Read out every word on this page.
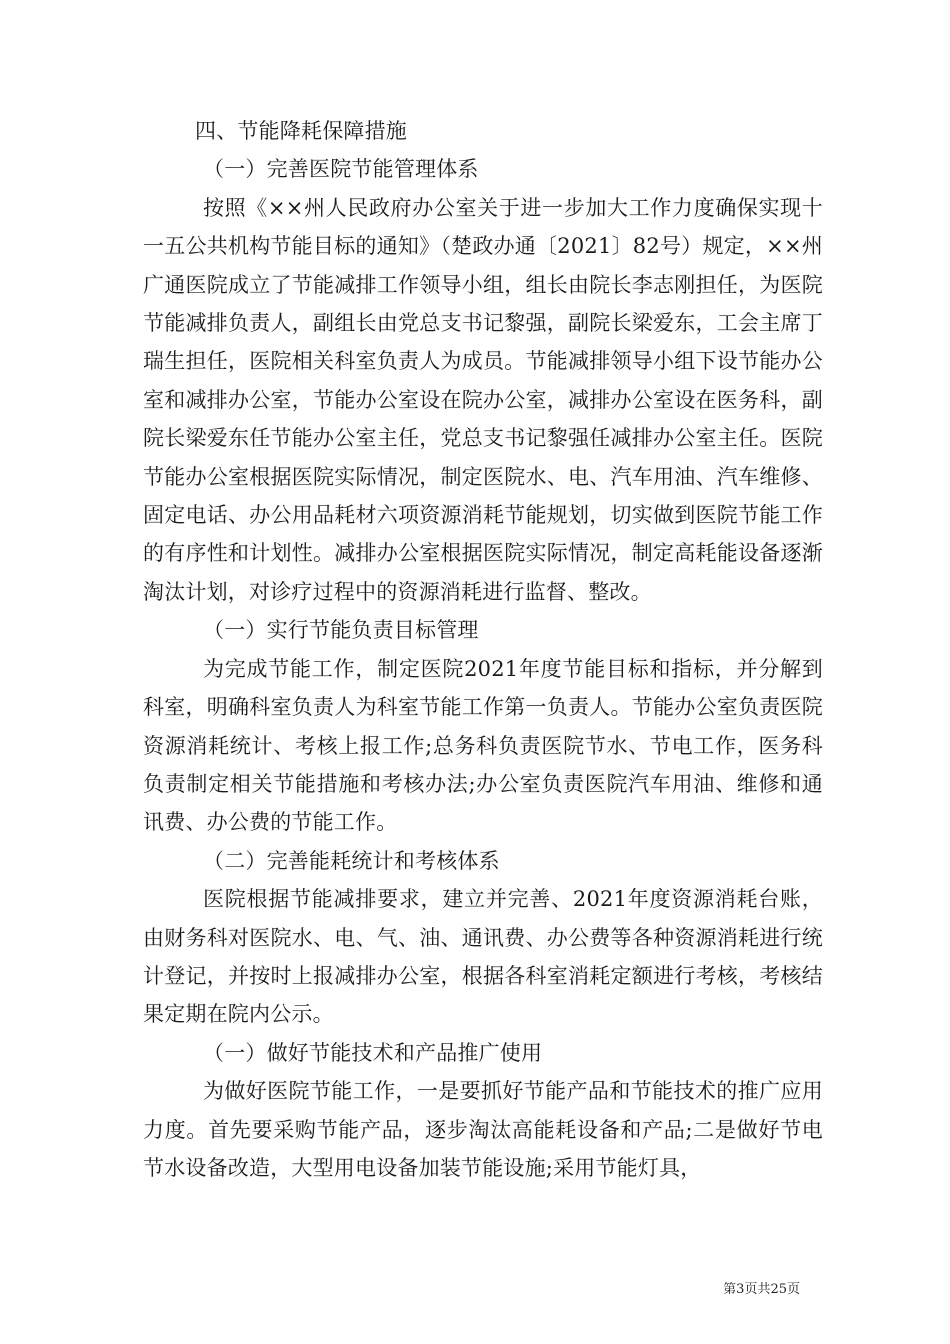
四、节能降耗保障措施

（一）完善医院节能管理体系

按照《××州人民政府办公室关于进一步加大工作力度确保实现十一五公共机构节能目标的通知》（楚政办通〔2021〕82号）规定，××州广通医院成立了节能减排工作领导小组，组长由院长李志刚担任，为医院节能减排负责人，副组长由党总支书记黎强，副院长梁爱东，工会主席丁瑞生担任，医院相关科室负责人为成员。节能减排领导小组下设节能办公室和减排办公室，节能办公室设在院办公室，减排办公室设在医务科，副院长梁爱东任节能办公室主任，党总支书记黎强任减排办公室主任。医院节能办公室根据医院实际情况，制定医院水、电、汽车用油、汽车维修、固定电话、办公用品耗材六项资源消耗节能规划，切实做到医院节能工作的有序性和计划性。减排办公室根据医院实际情况，制定高耗能设备逐渐淘汰计划，对诊疗过程中的资源消耗进行监督、整改。

（一）实行节能负责目标管理

为完成节能工作，制定医院2021年度节能目标和指标，并分解到科室，明确科室负责人为科室节能工作第一负责人。节能办公室负责医院资源消耗统计、考核上报工作;总务科负责医院节水、节电工作，医务科负责制定相关节能措施和考核办法;办公室负责医院汽车用油、维修和通讯费、办公费的节能工作。

（二）完善能耗统计和考核体系

医院根据节能减排要求，建立并完善、2021年度资源消耗台账，由财务科对医院水、电、气、油、通讯费、办公费等各种资源消耗进行统计登记，并按时上报减排办公室，根据各科室消耗定额进行考核，考核结果定期在院内公示。

（一）做好节能技术和产品推广使用

为做好医院节能工作，一是要抓好节能产品和节能技术的推广应用力度。首先要采购节能产品，逐步淘汰高能耗设备和产品;二是做好节电节水设备改造，大型用电设备加装节能设施;采用节能灯具，

第3页共25页
